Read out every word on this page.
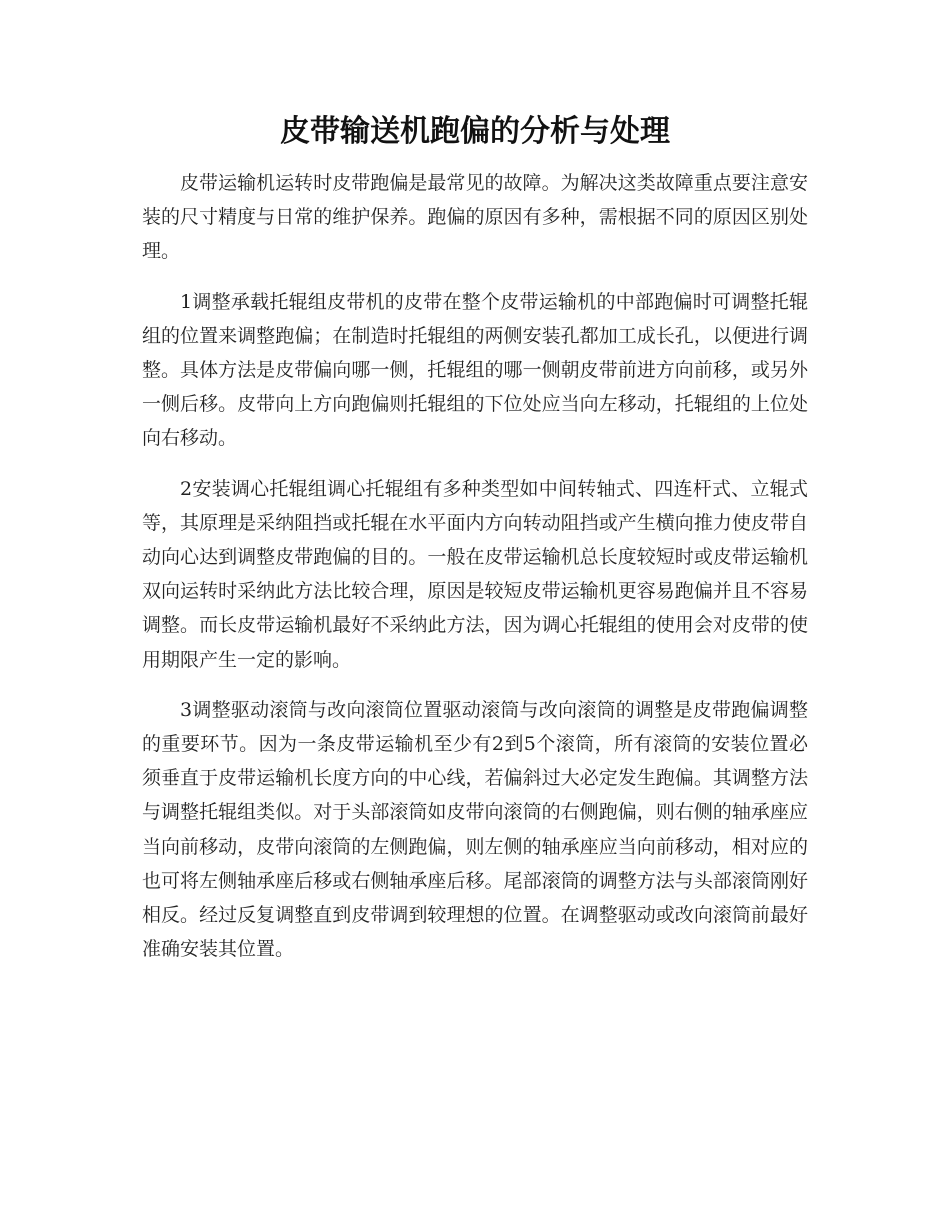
皮带输送机跑偏的分析与处理

皮带运输机运转时皮带跑偏是最常见的故障。为解决这类故障重点要注意安装的尺寸精度与日常的维护保养。跑偏的原因有多种，需根据不同的原因区别处理。

1调整承载托辊组皮带机的皮带在整个皮带运输机的中部跑偏时可调整托辊组的位置来调整跑偏；在制造时托辊组的两侧安装孔都加工成长孔，以便进行调整。具体方法是皮带偏向哪一侧，托辊组的哪一侧朝皮带前进方向前移，或另外一侧后移。皮带向上方向跑偏则托辊组的下位处应当向左移动，托辊组的上位处向右移动。

2安装调心托辊组调心托辊组有多种类型如中间转轴式、四连杆式、立辊式等，其原理是采纳阻挡或托辊在水平面内方向转动阻挡或产生横向推力使皮带自动向心达到调整皮带跑偏的目的。一般在皮带运输机总长度较短时或皮带运输机双向运转时采纳此方法比较合理，原因是较短皮带运输机更容易跑偏并且不容易调整。而长皮带运输机最好不采纳此方法，因为调心托辊组的使用会对皮带的使用期限产生一定的影响。

3调整驱动滚筒与改向滚筒位置驱动滚筒与改向滚筒的调整是皮带跑偏调整的重要环节。因为一条皮带运输机至少有2到5个滚筒，所有滚筒的安装位置必须垂直于皮带运输机长度方向的中心线，若偏斜过大必定发生跑偏。其调整方法与调整托辊组类似。对于头部滚筒如皮带向滚筒的右侧跑偏，则右侧的轴承座应当向前移动，皮带向滚筒的左侧跑偏，则左侧的轴承座应当向前移动，相对应的也可将左侧轴承座后移或右侧轴承座后移。尾部滚筒的调整方法与头部滚筒刚好相反。经过反复调整直到皮带调到较理想的位置。在调整驱动或改向滚筒前最好准确安装其位置。
